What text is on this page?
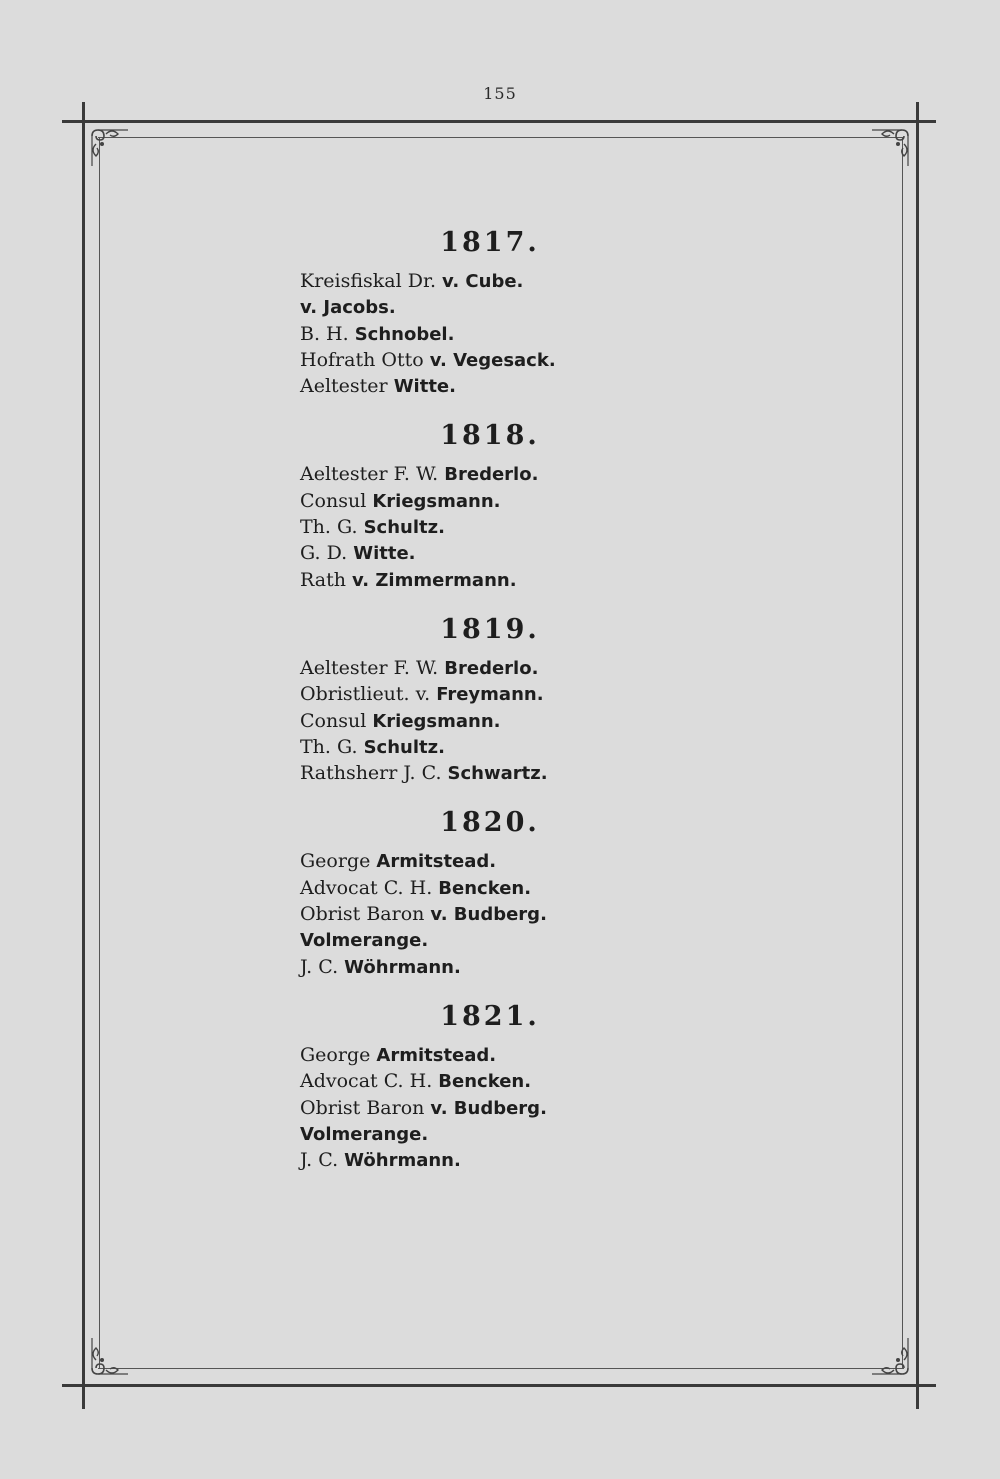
155
1817.
Kreisfiskal Dr. v. Cube.
v. Jacobs.
B. H. Schnobel.
Hofrath Otto v. Vegesack.
Aeltester Witte.
1818.
Aeltester F. W. Brederlo.
Consul Kriegsmann.
Th. G. Schultz.
G. D. Witte.
Rath v. Zimmermann.
1819.
Aeltester F. W. Brederlo.
Obristlieut. v. Freymann.
Consul Kriegsmann.
Th. G. Schultz.
Rathsherr J. C. Schwartz.
1820.
George Armitstead.
Advocat C. H. Bencken.
Obrist Baron v. Budberg.
Volmerange.
J. C. Wöhrmann.
1821.
George Armitstead.
Advocat C. H. Bencken.
Obrist Baron v. Budberg.
Volmerange.
J. C. Wöhrmann.
